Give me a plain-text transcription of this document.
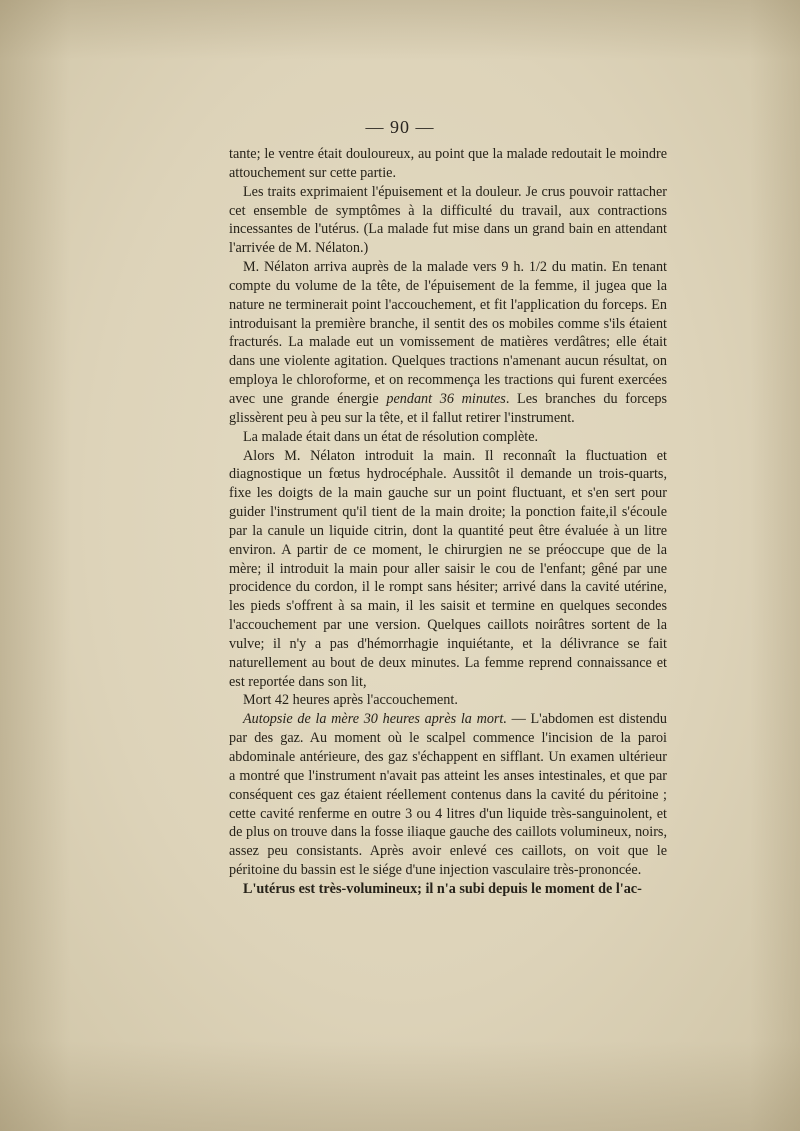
— 90 —

tante; le ventre était douloureux, au point que la malade redoutait le moindre attouchement sur cette partie.

Les traits exprimaient l'épuisement et la douleur. Je crus pouvoir rattacher cet ensemble de symptômes à la difficulté du travail, aux contractions incessantes de l'utérus. (La malade fut mise dans un grand bain en attendant l'arrivée de M. Nélaton.)

M. Nélaton arriva auprès de la malade vers 9 h. 1/2 du matin. En tenant compte du volume de la tête, de l'épuisement de la femme, il jugea que la nature ne terminerait point l'accouchement, et fit l'application du forceps. En introduisant la première branche, il sentit des os mobiles comme s'ils étaient fracturés. La malade eut un vomissement de matières verdâtres; elle était dans une violente agitation. Quelques tractions n'amenant aucun résultat, on employa le chloroforme, et on recommença les tractions qui furent exercées avec une grande énergie pendant 36 minutes. Les branches du forceps glissèrent peu à peu sur la tête, et il fallut retirer l'instrument.

La malade était dans un état de résolution complète.

Alors M. Nélaton introduit la main. Il reconnaît la fluctuation et diagnostique un fœtus hydrocéphale. Aussitôt il demande un trois-quarts, fixe les doigts de la main gauche sur un point fluctuant, et s'en sert pour guider l'instrument qu'il tient de la main droite; la ponction faite,il s'écoule par la canule un liquide citrin, dont la quantité peut être évaluée à un litre environ. A partir de ce moment, le chirurgien ne se préoccupe que de la mère; il introduit la main pour aller saisir le cou de l'enfant; gêné par une procidence du cordon, il le rompt sans hésiter; arrivé dans la cavité utérine, les pieds s'offrent à sa main, il les saisit et termine en quelques secondes l'accouchement par une version. Quelques caillots noirâtres sortent de la vulve; il n'y a pas d'hémorrhagie inquiétante, et la délivrance se fait naturellement au bout de deux minutes. La femme reprend connaissance et est reportée dans son lit,

Mort 42 heures après l'accouchement.

Autopsie de la mère 30 heures après la mort. — L'abdomen est distendu par des gaz. Au moment où le scalpel commence l'incision de la paroi abdominale antérieure, des gaz s'échappent en sifflant. Un examen ultérieur a montré que l'instrument n'avait pas atteint les anses intestinales, et que par conséquent ces gaz étaient réellement contenus dans la cavité du péritoine ; cette cavité renferme en outre 3 ou 4 litres d'un liquide très-sanguinolent, et de plus on trouve dans la fosse iliaque gauche des caillots volumineux, noirs, assez peu consistants. Après avoir enlevé ces caillots, on voit que le péritoine du bassin est le siége d'une injection vasculaire très-prononcée.

L'utérus est très-volumineux; il n'a subi depuis le moment de l'ac-
